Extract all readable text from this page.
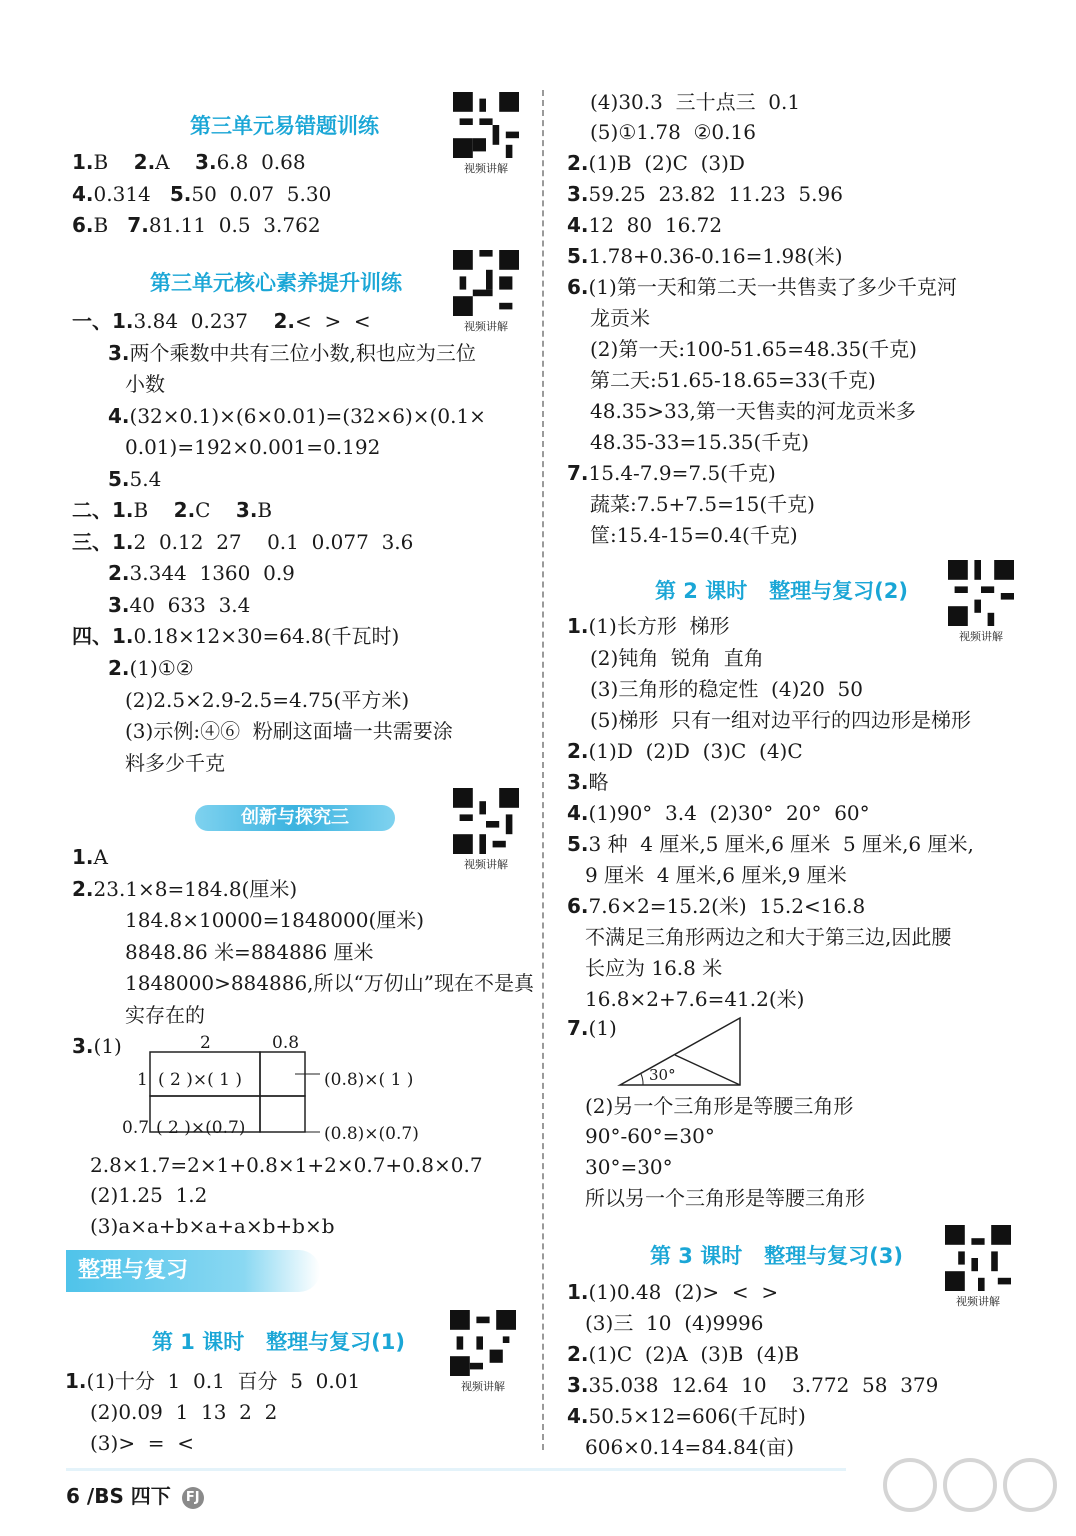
第三单元易错题训练
第三单元核心素养提升训练
创新与探究三
整理与复习
第 1 课时   整理与复习(1)
1.B    2.A    3.6.8  0.68
4.0.314   5.50  0.07  5.30
6.B   7.81.11  0.5  3.762
一、1.3.84  0.237    2.<  >  <
3.两个乘数中共有三位小数,积也应为三位
小数
4.(32×0.1)×(6×0.01)=(32×6)×(0.1×
0.01)=192×0.001=0.192
5.5.4
二、1.B    2.C    3.B
三、1.2  0.12  27    0.1  0.077  3.6
2.3.344  1360  0.9
3.40  633  3.4
四、1.0.18×12×30=64.8(千瓦时)
2.(1)①②
(2)2.5×2.9-2.5=4.75(平方米)
(3)示例:④⑥  粉刷这面墙一共需要涂
料多少千克
1.A
2.23.1×8=184.8(厘米)
184.8×10000=1848000(厘米)
8848.86 米=884886 厘米
1848000>884886,所以“万仞山”现在不是真
实存在的
3.(1)
2.8×1.7=2×1+0.8×1+2×0.7+0.8×0.7
(2)1.25  1.2
(3)a×a+b×a+a×b+b×b
1.(1)十分  1  0.1  百分  5  0.01
(2)0.09  1  13  2  2
(3)>  =  <
2	0.8
1
0.7
( 2 )×( 1 )
( 2 )×(0.7)
(0.8)×( 1 )
(0.8)×(0.7)
第 2 课时   整理与复习(2)
第 3 课时   整理与复习(3)
(4)30.3  三十点三  0.1
(5)①1.78  ②0.16
2.(1)B  (2)C  (3)D
3.59.25  23.82  11.23  5.96
4.12  80  16.72
5.1.78+0.36-0.16=1.98(米)
6.(1)第一天和第二天一共售卖了多少千克河
龙贡米
(2)第一天:100-51.65=48.35(千克)
第二天:51.65-18.65=33(千克)
48.35>33,第一天售卖的河龙贡米多
48.35-33=15.35(千克)
7.15.4-7.9=7.5(千克)
蔬菜:7.5+7.5=15(千克)
筐:15.4-15=0.4(千克)
1.(1)长方形  梯形
(2)钝角  锐角  直角
(3)三角形的稳定性  (4)20  50
(5)梯形  只有一组对边平行的四边形是梯形
2.(1)D  (2)D  (3)C  (4)C
3.略
4.(1)90°  3.4  (2)30°  20°  60°
5.3 种  4 厘米,5 厘米,6 厘米  5 厘米,6 厘米,
9 厘米  4 厘米,6 厘米,9 厘米
6.7.6×2=15.2(米)  15.2<16.8
不满足三角形两边之和大于第三边,因此腰
长应为 16.8 米
16.8×2+7.6=41.2(米)
7.(1)
(2)另一个三角形是等腰三角形
90°-60°=30°
30°=30°
所以另一个三角形是等腰三角形
1.(1)0.48  (2)>  <  >
(3)三  10  (4)9996
2.(1)C  (2)A  (3)B  (4)B
3.35.038  12.64  10    3.772  58  379
4.50.5×12=606(千瓦时)
606×0.14=84.84(亩)
30°
视频讲解
视频讲解
视频讲解
视频讲解
视频讲解
视频讲解
6 /BS 四下 FJ
